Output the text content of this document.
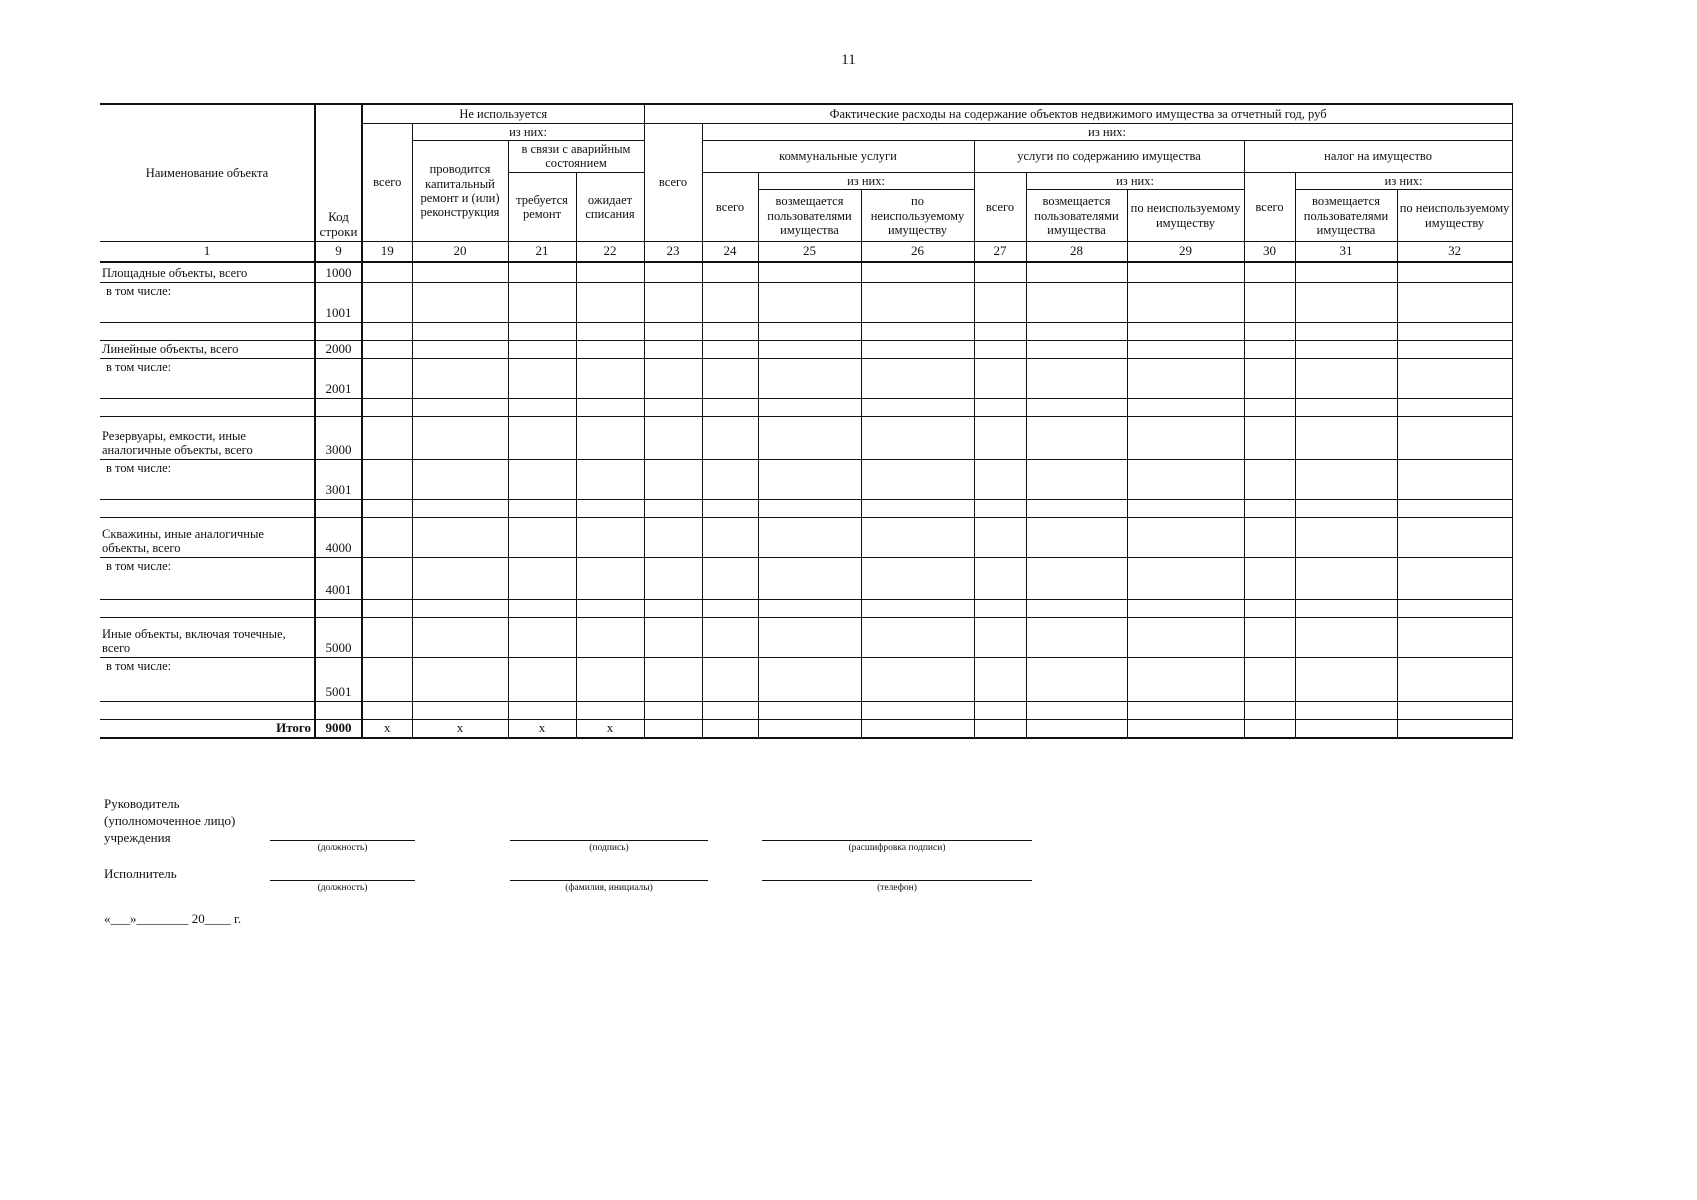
11
Наименование объекта	Код строки	Не используется				Фактические расходы на содержание объектов недвижимого имущества за отчетный год, руб									
		всего	из них:			всего	из них:								
			проводится капитальный ремонт и (или) реконструкция	в связи с аварийным состоянием			коммунальные услуги			услуги по содержанию имущества			налог на имущество		
				требуется ремонт	ожидает списания		всего	из них:		всего	из них:		всего	из них:	
								возмещается пользователями имущества	по неиспользуемому имуществу		возмещается пользователями имущества	по неиспользуемому имуществу		возмещается пользователями имущества	по неиспользуемому имуществу
1	9	19	20	21	22	23	24	25	26	27	28	29	30	31	32
Площадные объекты, всего	1000														
в том числе:	1001														

Линейные объекты, всего	2000														
в том числе:	2001														

Резервуары, емкости, иные аналогичные объекты, всего	3000														
в том числе:	3001														

Скважины, иные аналогичные объекты, всего	4000														
в том числе:	4001														

Иные объекты, включая точечные, всего	5000														
в том числе:	5001														

Итого	9000	x	x	x	x										
Руководитель
(уполномоченное лицо)
учреждения
(должность)	(подпись)	(расшифровка подписи)
Исполнитель
(должность)	(фамилия, инициалы)	(телефон)
«___»________ 20____ г.
